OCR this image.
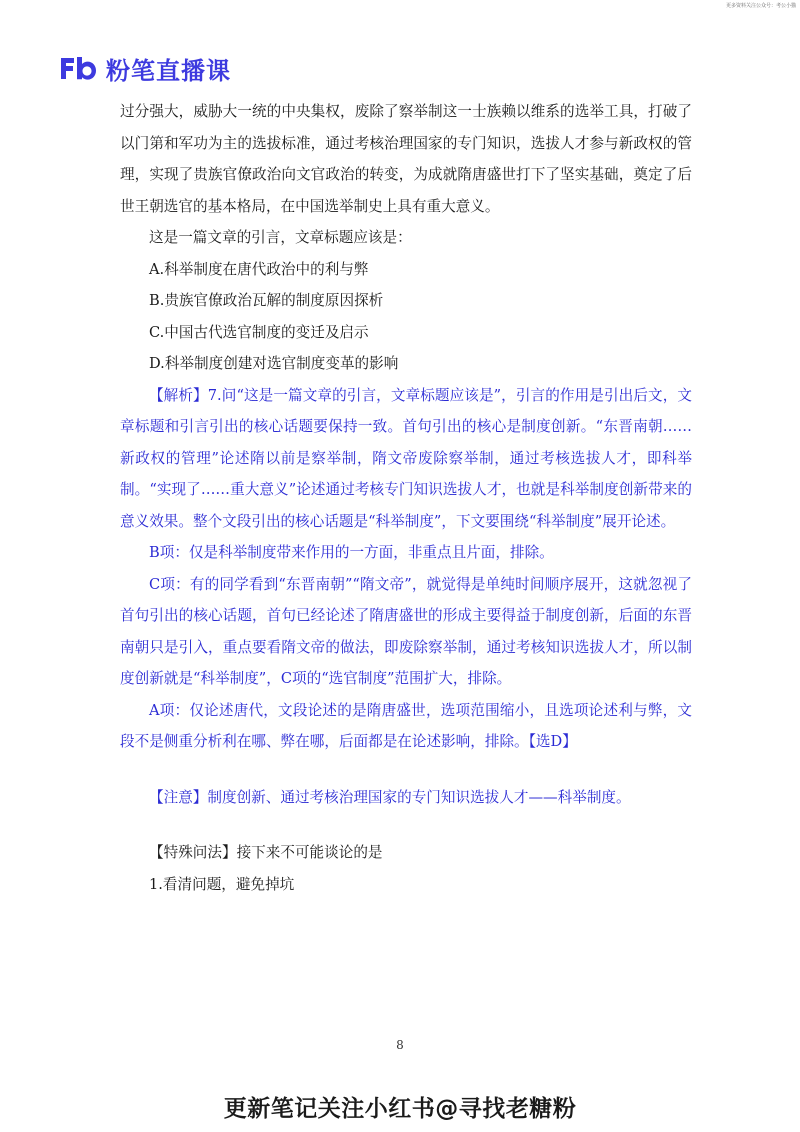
更多资料关注公众号：考公小猫
粉笔直播课

过分强大，威胁大一统的中央集权，废除了察举制这一士族赖以维系的选举工具，打破了以门第和军功为主的选拔标准，通过考核治理国家的专门知识，选拔人才参与新政权的管理，实现了贵族官僚政治向文官政治的转变，为成就隋唐盛世打下了坚实基础，奠定了后世王朝选官的基本格局，在中国选举制史上具有重大意义。

这是一篇文章的引言，文章标题应该是：

A.科举制度在唐代政治中的利与弊

B.贵族官僚政治瓦解的制度原因探析

C.中国古代选官制度的变迁及启示

D.科举制度创建对选官制度变革的影响

【解析】7.问“这是一篇文章的引言，文章标题应该是”，引言的作用是引出后文，文章标题和引言引出的核心话题要保持一致。首句引出的核心是制度创新。“东晋南朝……新政权的管理”论述隋以前是察举制，隋文帝废除察举制，通过考核选拔人才，即科举制。“实现了……重大意义”论述通过考核专门知识选拔人才，也就是科举制度创新带来的意义效果。整个文段引出的核心话题是“科举制度”，下文要围绕“科举制度”展开论述。

B项：仅是科举制度带来作用的一方面，非重点且片面，排除。

C项：有的同学看到“东晋南朝”“隋文帝”，就觉得是单纯时间顺序展开，这就忽视了首句引出的核心话题，首句已经论述了隋唐盛世的形成主要得益于制度创新，后面的东晋南朝只是引入，重点要看隋文帝的做法，即废除察举制，通过考核知识选拔人才，所以制度创新就是“科举制度”，C项的“选官制度”范围扩大，排除。

A项：仅论述唐代，文段论述的是隋唐盛世，选项范围缩小，且选项论述利与弊，文段不是侧重分析利在哪、弊在哪，后面都是在论述影响，排除。【选D】

【注意】制度创新、通过考核治理国家的专门知识选拔人才——科举制度。

【特殊问法】接下来不可能谈论的是

1.看清问题，避免掉坑

8
更新笔记关注小红书@寻找老糖粉
